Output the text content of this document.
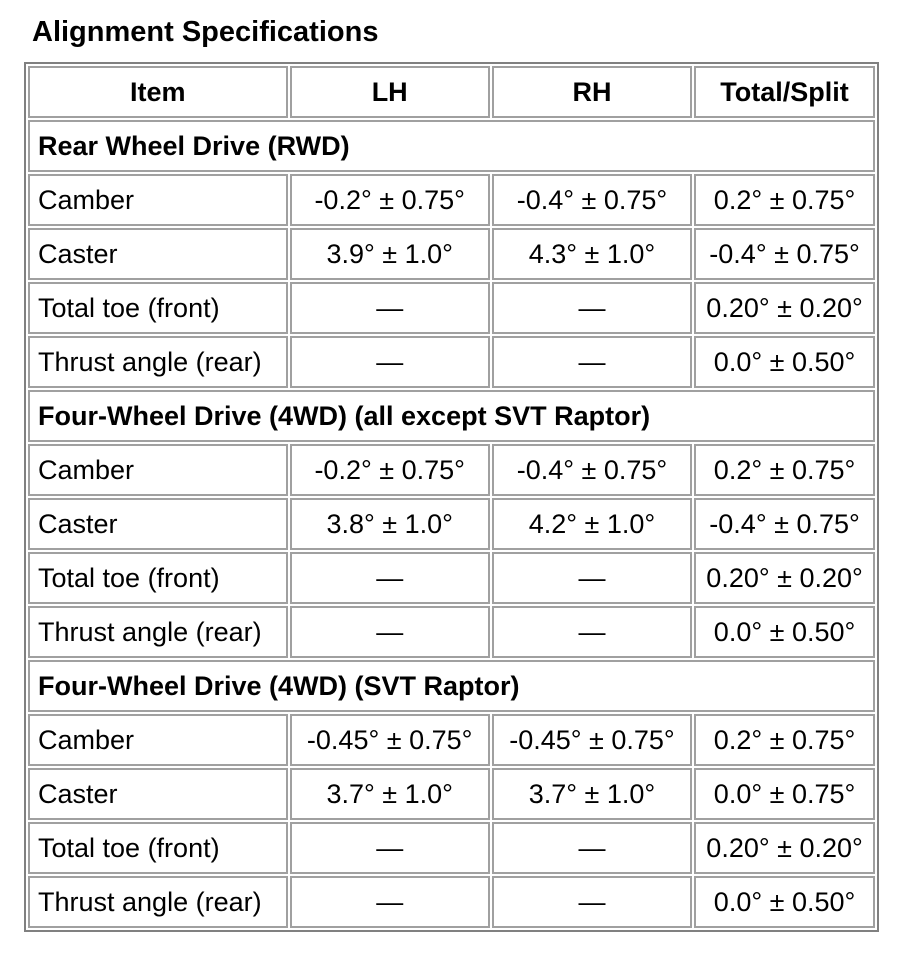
Alignment Specifications
Item	LH	RH	Total/Split
Rear Wheel Drive (RWD)			
Camber	-0.2° ± 0.75°	-0.4° ± 0.75°	0.2° ± 0.75°
Caster	3.9° ± 1.0°	4.3° ± 1.0°	-0.4° ± 0.75°
Total toe (front)	—	—	0.20° ± 0.20°
Thrust angle (rear)	—	—	0.0° ± 0.50°
Four-Wheel Drive (4WD) (all except SVT Raptor)			
Camber	-0.2° ± 0.75°	-0.4° ± 0.75°	0.2° ± 0.75°
Caster	3.8° ± 1.0°	4.2° ± 1.0°	-0.4° ± 0.75°
Total toe (front)	—	—	0.20° ± 0.20°
Thrust angle (rear)	—	—	0.0° ± 0.50°
Four-Wheel Drive (4WD) (SVT Raptor)			
Camber	-0.45° ± 0.75°	-0.45° ± 0.75°	0.2° ± 0.75°
Caster	3.7° ± 1.0°	3.7° ± 1.0°	0.0° ± 0.75°
Total toe (front)	—	—	0.20° ± 0.20°
Thrust angle (rear)	—	—	0.0° ± 0.50°
